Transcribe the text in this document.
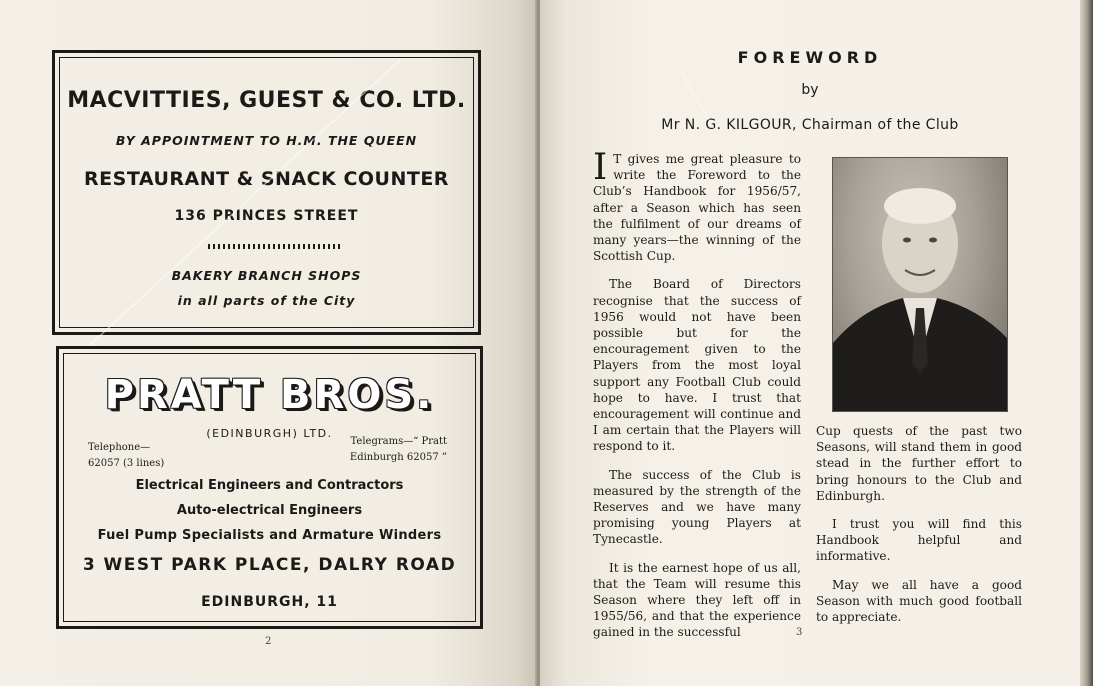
MACVITTIES, GUEST & CO. LTD.
BY APPOINTMENT TO H.M. THE QUEEN
RESTAURANT & SNACK COUNTER
136 PRINCES STREET
BAKERY BRANCH SHOPS
in all parts of the City
PRATT BROS.
(EDINBURGH) LTD.
Telephone—
62057 (3 lines)
Telegrams—“ Pratt
Edinburgh 62057 ”
Electrical Engineers and Contractors
Auto-electrical Engineers
Fuel Pump Specialists and Armature Winders
3 WEST PARK PLACE, DALRY ROAD
EDINBURGH, 11
2
FOREWORD
by
Mr N. G. KILGOUR, Chairman of the Club

I T gives me great pleasure to write the Foreword to the Club’s Handbook for 1956/57, after a Season which has seen the fulfilment of our dreams of many years—the winning of the Scottish Cup.

The Board of Directors recognise that the success of 1956 would not have been possible but for the encouragement given to the Players from the most loyal support any Football Club could hope to have. I trust that encouragement will continue and I am certain that the Players will respond to it.

The success of the Club is measured by the strength of the Reserves and we have many promising young Players at Tynecastle.

It is the earnest hope of us all, that the Team will resume this Season where they left off in 1955/56, and that the experience gained in the successful

Cup quests of the past two Seasons, will stand them in good stead in the further effort to bring honours to the Club and Edinburgh.

I trust you will find this Handbook helpful and informative.

May we all have a good Season with much good football to appreciate.

3
